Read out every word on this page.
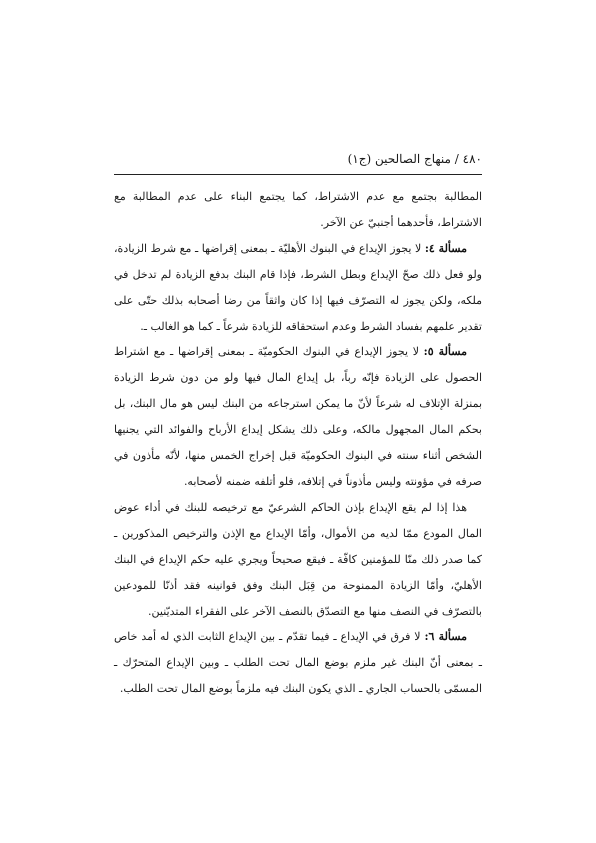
٤٨٠ / منهاج الصالحين (ج١)

المطالبة بجتمع مع عدم الاشتراط، كما يجتمع البناء على عدم المطالبة مع الاشتراط، فأحدهما أجنبيّ عن الآخر.

مسألة ٤: لا يجوز الإيداع في البنوك الأهليّة ـ بمعنى إقراضها ـ مع شرط الزيادة، ولو فعل ذلك صحّ الإيداع وبطل الشرط، فإذا قام البنك بدفع الزيادة لم تدخل في ملكه، ولكن يجوز له التصرّف فيها إذا كان واثقاً من رضا أصحابه بذلك حتّى على تقدير علمهم بفساد الشرط وعدم استحقاقه للزيادة شرعاً ـ كما هو الغالب ـ.

مسألة ٥: لا يجوز الإيداع في البنوك الحكوميّة ـ بمعنى إقراضها ـ مع اشتراط الحصول على الزيادة فإنّه رباً، بل إيداع المال فيها ولو من دون شرط الزيادة بمنزلة الإتلاف له شرعاً لأنّ ما يمكن استرجاعه من البنك ليس هو مال البنك، بل بحكم المال المجهول مالكه، وعلى ذلك يشكل إيداع الأرباح والفوائد التي يجنيها الشخص أثناء سنته في البنوك الحكوميّة قبل إخراج الخمس منها، لأنّه مأذون في صرفه في مؤونته وليس مأذوناً في إتلافه، فلو أتلفه ضمنه لأصحابه.

هذا إذا لم يقع الإيداع بإذن الحاكم الشرعيّ مع ترخيصه للبنك في أداء عوض المال المودع ممّا لديه من الأموال، وأمّا الإيداع مع الإذن والترخيص المذكورين ـ كما صدر ذلك منّا للمؤمنين كافّة ـ فيقع صحيحاً ويجري عليه حكم الإيداع في البنك الأهليّ، وأمّا الزيادة الممنوحة من قِبَل البنك وفق قوانينه فقد أذنّا للمودعين بالتصرّف في النصف منها مع التصدّق بالنصف الآخر على الفقراء المتديّنين.

مسألة ٦: لا فرق في الإيداع ـ فيما تقدّم ـ بين الإيداع الثابت الذي له أمد خاص ـ بمعنى أنّ البنك غير ملزم بوضع المال تحت الطلب ـ وبين الإيداع المتحرّك ـ المسمّى بالحساب الجاري ـ الذي يكون البنك فيه ملزماً بوضع المال تحت الطلب.
